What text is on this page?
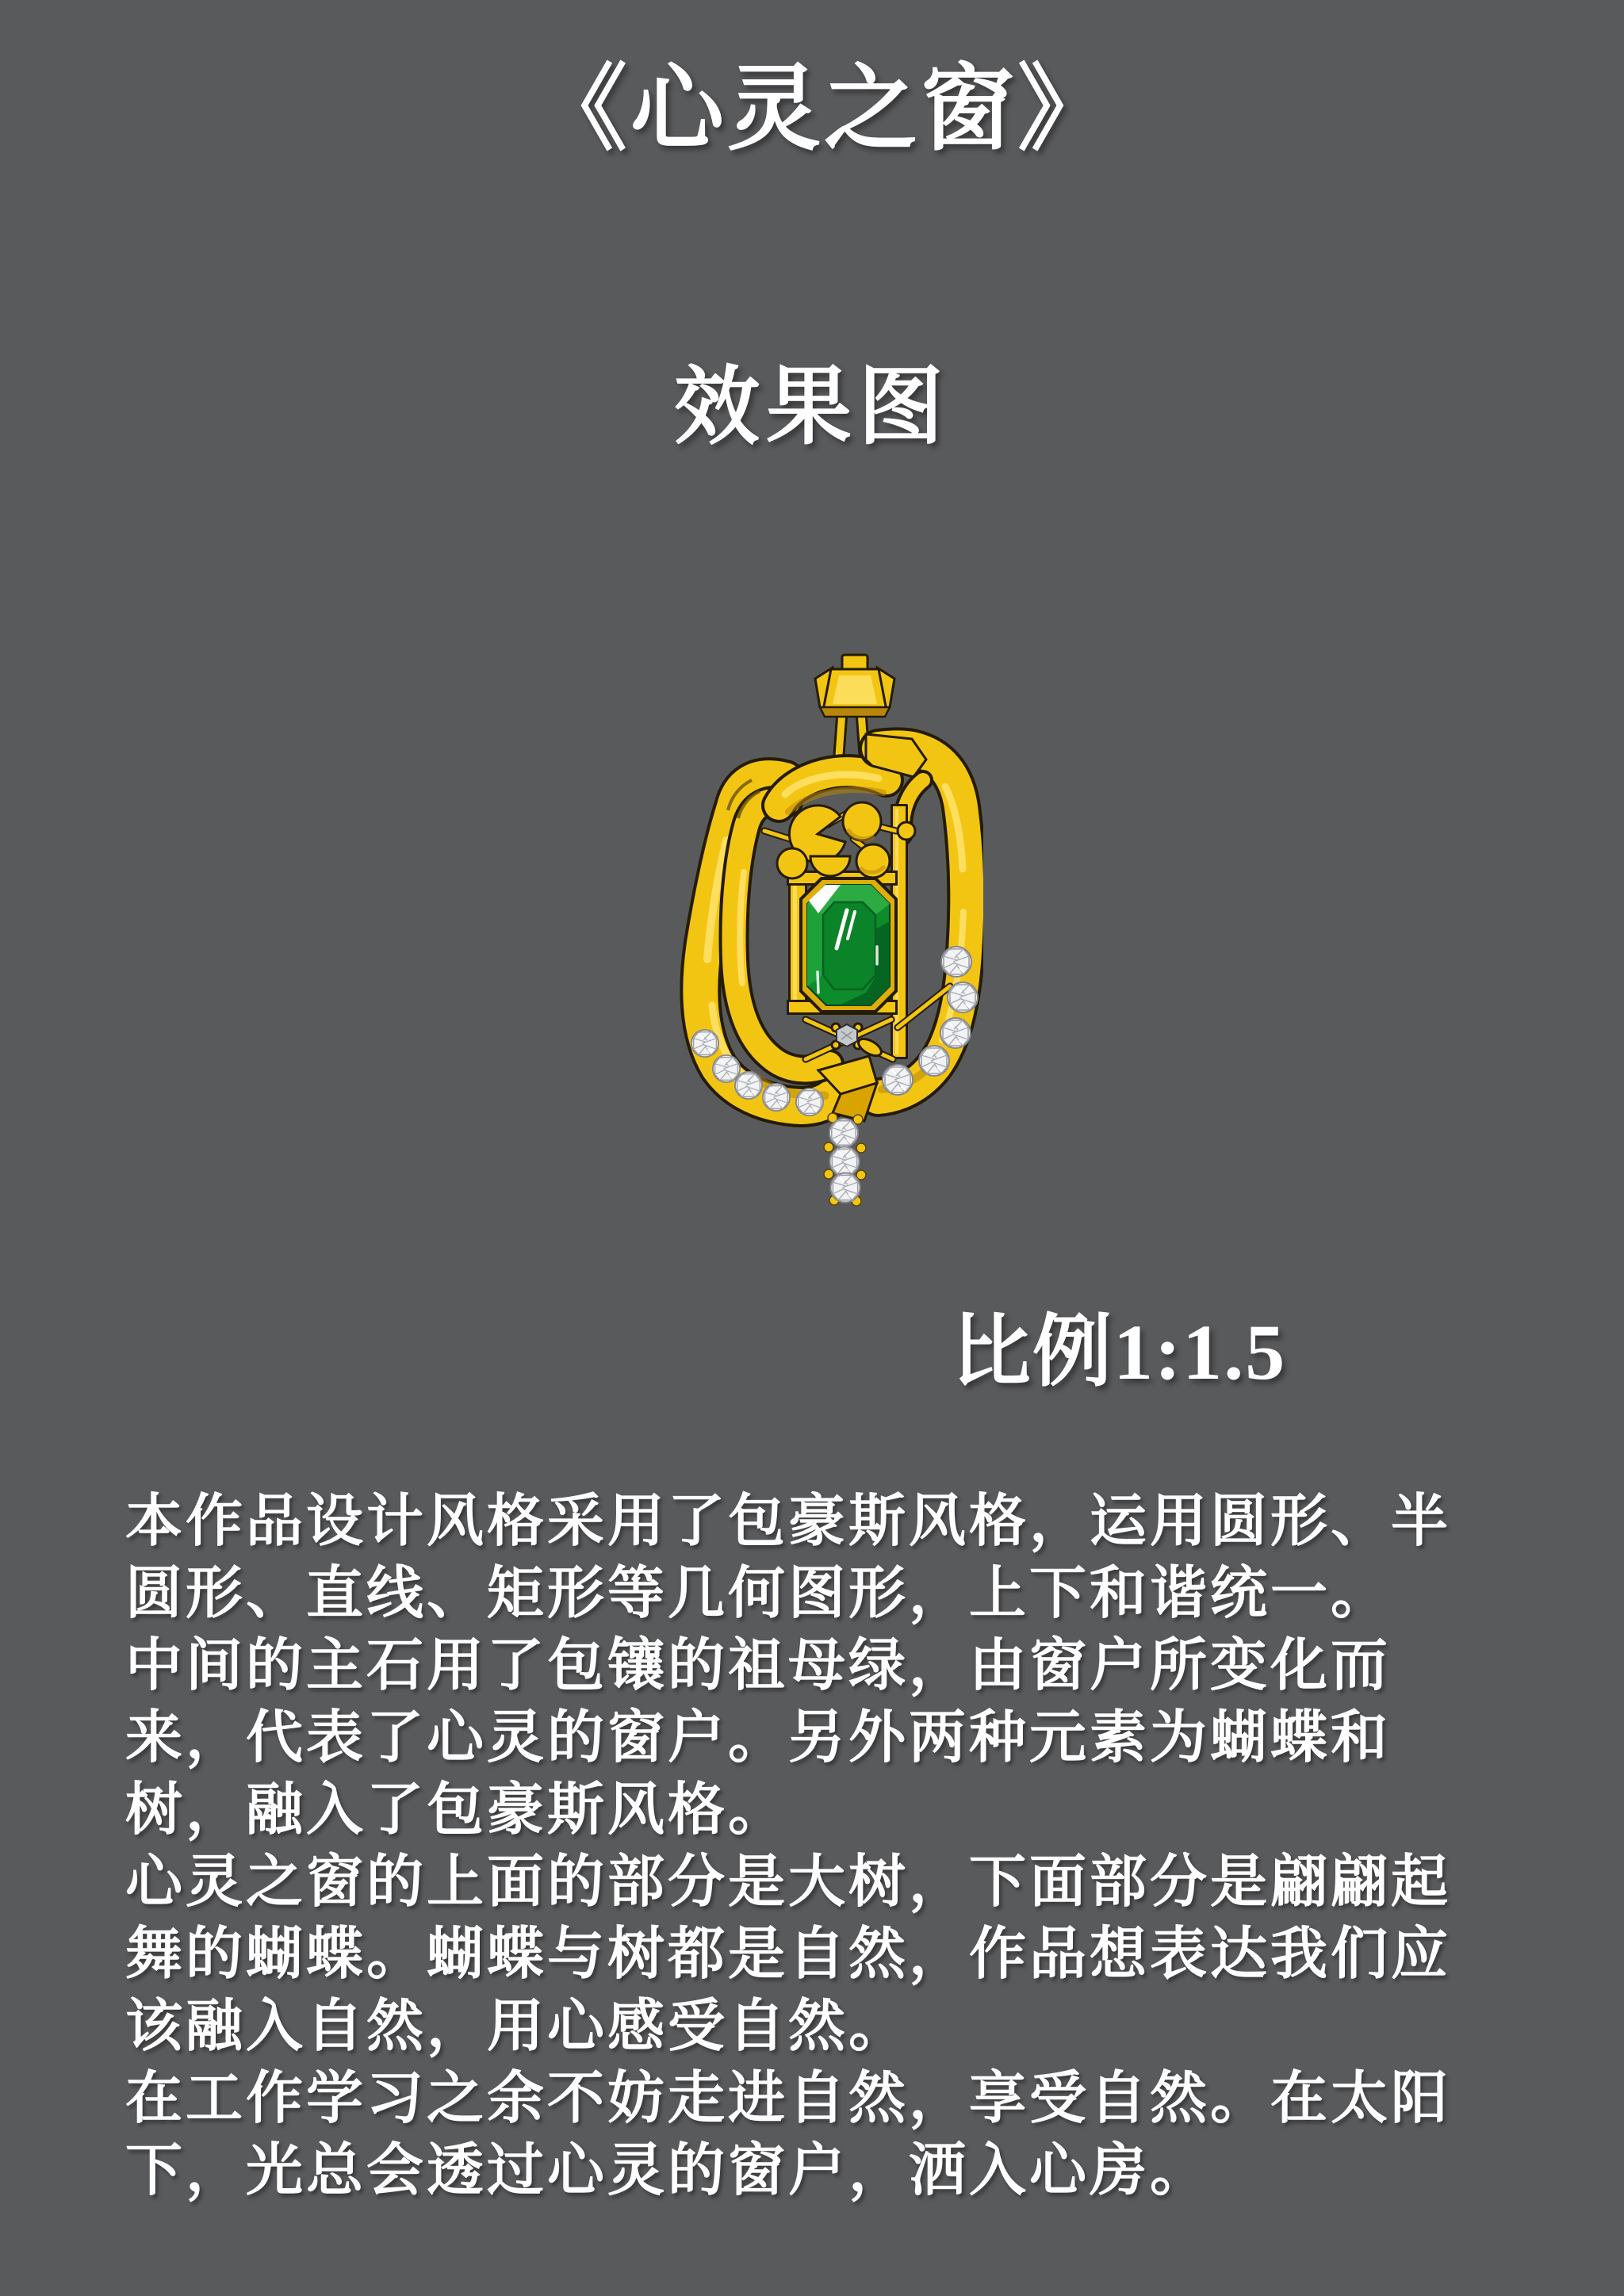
《心灵之窗》
效果图
比例1:1.5
本作品设计风格采用了包豪斯风格，运用圆形、半
圆形、直线、矩形等几何图形，上下和谐统一。
中间的主石用了包镶的祖母绿，由窗户所变化而
来，代表了心灵的窗户。另外两种元素为蝴蝶和
树，融入了包豪斯风格。
心灵之窗的上面的部分是大树，下面部分是翩翩起
舞的蝴蝶。蝴蝶与树都是自然，作品想表达我们应
该融入自然，用心感受自然。
在工作学习之余不妨走进自然，享受自然。在太阳
下，光总会透过心灵的窗户，洒入心房。
